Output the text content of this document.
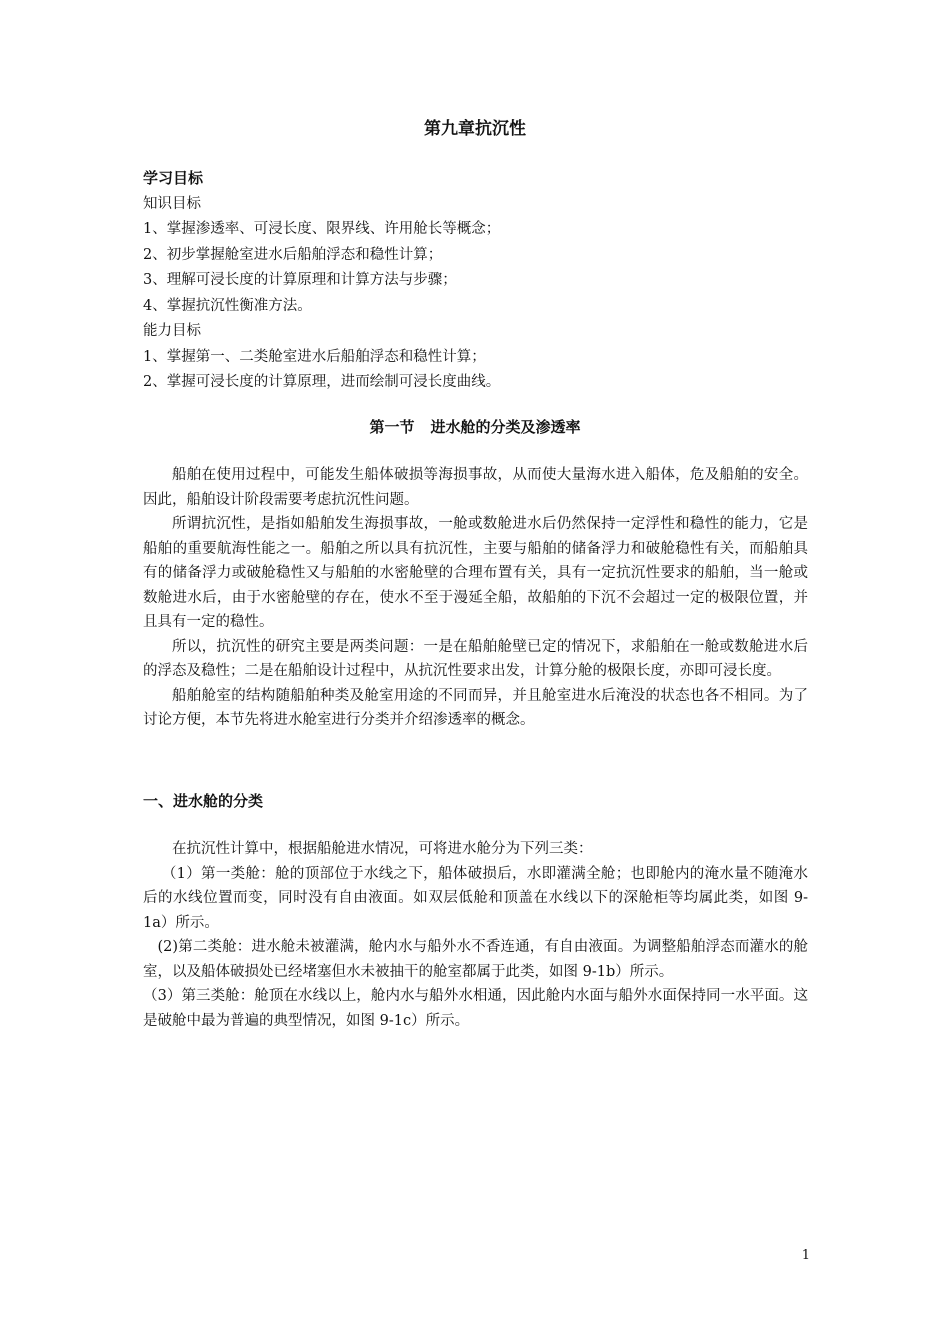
第九章抗沉性
学习目标
知识目标
1、掌握渗透率、可浸长度、限界线、许用舱长等概念；
2、初步掌握舱室进水后船舶浮态和稳性计算；
3、理解可浸长度的计算原理和计算方法与步骤；
4、掌握抗沉性衡准方法。
能力目标
1、掌握第一、二类舱室进水后船舶浮态和稳性计算；
2、掌握可浸长度的计算原理，进而绘制可浸长度曲线。
第一节 进水舱的分类及渗透率

船舶在使用过程中，可能发生船体破损等海损事故，从而使大量海水进入船体，危及船舶的安全。因此，船舶设计阶段需要考虑抗沉性问题。

所谓抗沉性，是指如船舶发生海损事故，一舱或数舱进水后仍然保持一定浮性和稳性的能力，它是船舶的重要航海性能之一。船舶之所以具有抗沉性，主要与船舶的储备浮力和破舱稳性有关，而船舶具有的储备浮力或破舱稳性又与船舶的水密舱壁的合理布置有关，具有一定抗沉性要求的船舶，当一舱或数舱进水后，由于水密舱壁的存在，使水不至于漫延全船，故船舶的下沉不会超过一定的极限位置，并且具有一定的稳性。

所以，抗沉性的研究主要是两类问题：一是在船舶舱壁已定的情况下，求船舶在一舱或数舱进水后的浮态及稳性；二是在船舶设计过程中，从抗沉性要求出发，计算分舱的极限长度，亦即可浸长度。

船舶舱室的结构随船舶种类及舱室用途的不同而异，并且舱室进水后淹没的状态也各不相同。为了讨论方便，本节先将进水舱室进行分类并介绍渗透率的概念。

一、进水舱的分类

在抗沉性计算中，根据船舱进水情况，可将进水舱分为下列三类：

（1）第一类舱：舱的顶部位于水线之下，船体破损后，水即灌满全舱；也即舱内的淹水量不随淹水后的水线位置而变，同时没有自由液面。如双层低舱和顶盖在水线以下的深舱柜等均属此类，如图 9-1a）所示。

(2)第二类舱：进水舱未被灌满，舱内水与船外水不香连通，有自由液面。为调整船舶浮态而灌水的舱室，以及船体破损处已经堵塞但水未被抽干的舱室都属于此类，如图 9-1b）所示。

（3）第三类舱：舱顶在水线以上，舱内水与船外水相通，因此舱内水面与船外水面保持同一水平面。这是破舱中最为普遍的典型情况，如图 9-1c）所示。

1
